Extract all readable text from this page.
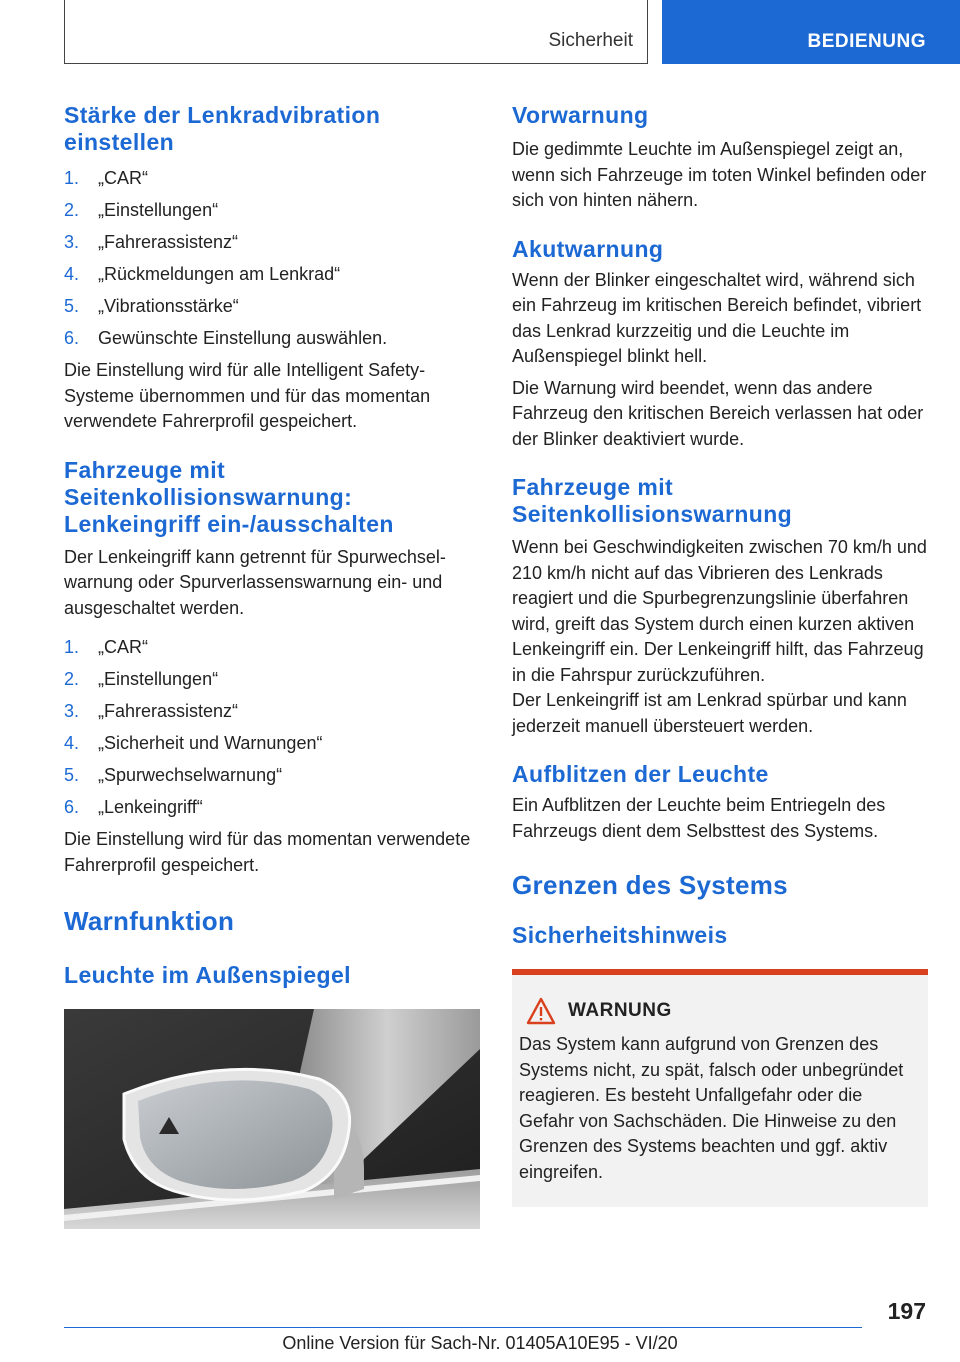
Sicherheit	BEDIENUNG
Stärke der Lenkradvibration einstellen
1. „CAR“
2. „Einstellungen“
3. „Fahrerassistenz“
4. „Rückmeldungen am Lenkrad“
5. „Vibrationsstärke“
6. Gewünschte Einstellung auswählen.

Die Einstellung wird für alle Intelligent Safety-Systeme übernommen und für das momentan verwendete Fahrerprofil gespeichert.

Fahrzeuge mit Seitenkollisionswarnung: Lenkeingriff ein-/ausschalten

Der Lenkeingriff kann getrennt für Spurwechselwarnung oder Spurverlassenswarnung ein- und ausgeschaltet werden.

1. „CAR“
2. „Einstellungen“
3. „Fahrerassistenz“
4. „Sicherheit und Warnungen“
5. „Spurwechselwarnung“
6. „Lenkeingriff“

Die Einstellung wird für das momentan verwendete Fahrerprofil gespeichert.

Warnfunktion
Leuchte im Außenspiegel
Vorwarnung

Die gedimmte Leuchte im Außenspiegel zeigt an, wenn sich Fahrzeuge im toten Winkel befinden oder sich von hinten nähern.

Akutwarnung

Wenn der Blinker eingeschaltet wird, während sich ein Fahrzeug im kritischen Bereich befindet, vibriert das Lenkrad kurzzeitig und die Leuchte im Außenspiegel blinkt hell.

Die Warnung wird beendet, wenn das andere Fahrzeug den kritischen Bereich verlassen hat oder der Blinker deaktiviert wurde.

Fahrzeuge mit Seitenkollisionswarnung

Wenn bei Geschwindigkeiten zwischen 70 km/h und 210 km/h nicht auf das Vibrieren des Lenkrads reagiert und die Spurbegrenzungslinie überfahren wird, greift das System durch einen kurzen aktiven Lenkeingriff ein. Der Lenkeingriff hilft, das Fahrzeug in die Fahrspur zurückzuführen.

Der Lenkeingriff ist am Lenkrad spürbar und kann jederzeit manuell übersteuert werden.

Aufblitzen der Leuchte

Ein Aufblitzen der Leuchte beim Entriegeln des Fahrzeugs dient dem Selbsttest des Systems.

Grenzen des Systems
Sicherheitshinweis
WARNUNG

Das System kann aufgrund von Grenzen des Systems nicht, zu spät, falsch oder unbegründet reagieren. Es besteht Unfallgefahr oder die Gefahr von Sachschäden. Die Hinweise zu den Grenzen des Systems beachten und ggf. aktiv eingreifen.

197
Online Version für Sach-Nr. 01405A10E95 - VI/20
